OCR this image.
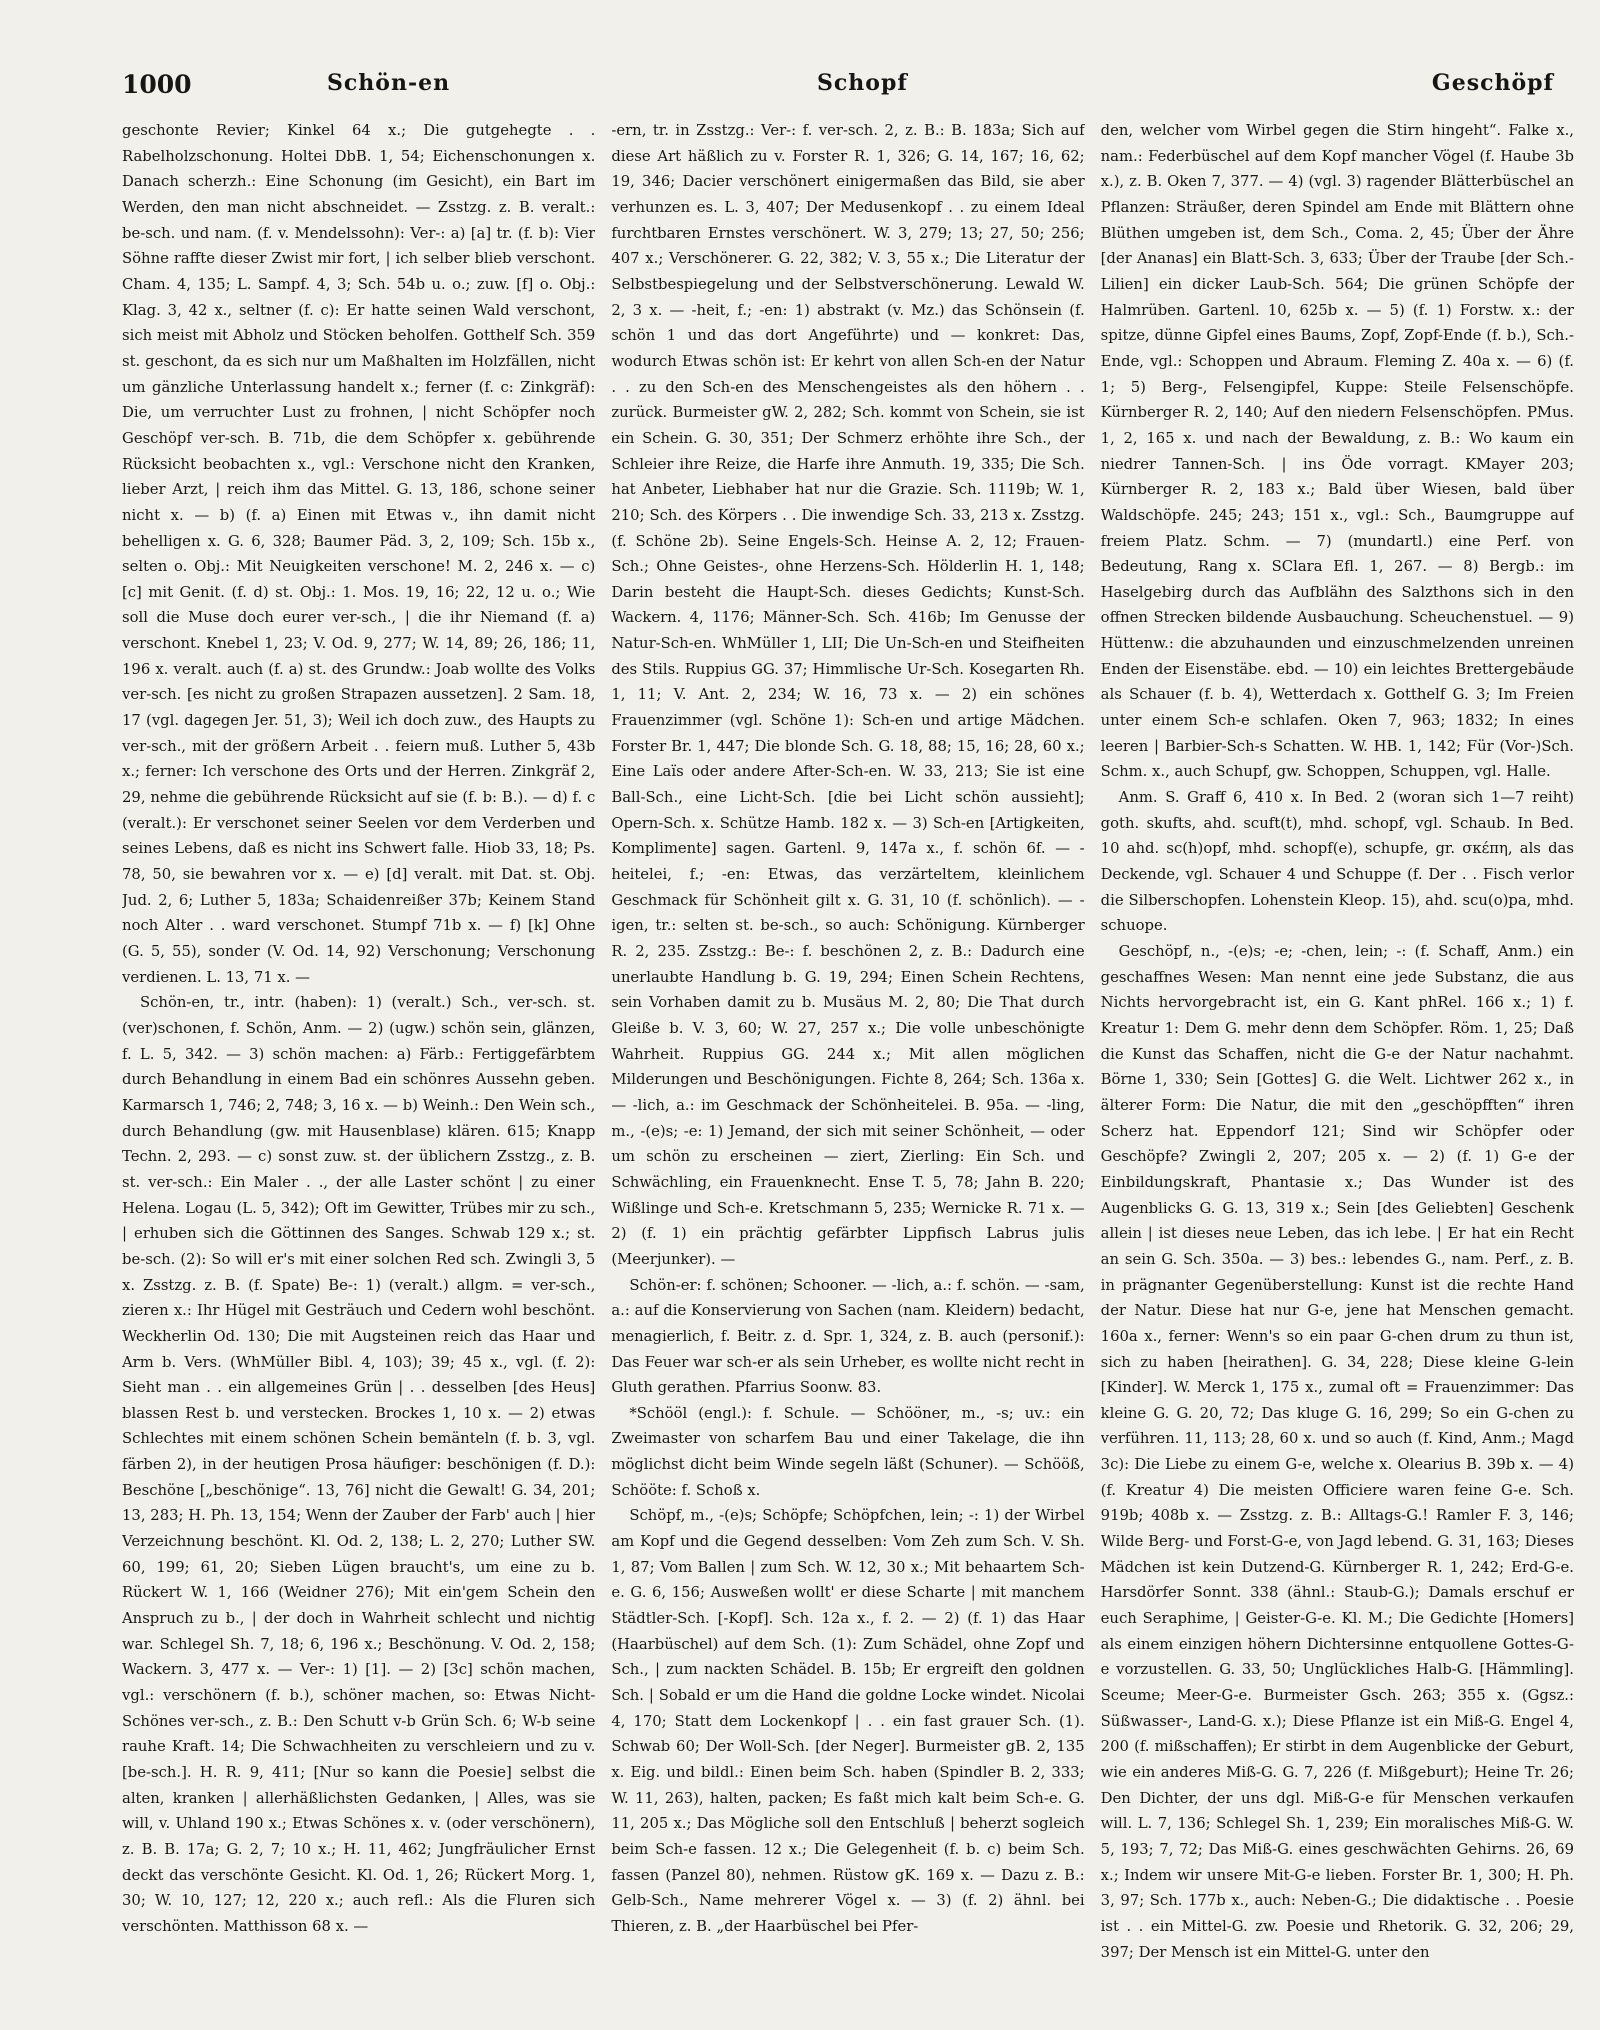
1000	Schön-en	Schopf	Geschöpf

geschonte Revier; Kinkel 64 x.; Die gutgehegte . . Rabelholzschonung. Holtei DbB. 1, 54; Eichenschonungen x. Danach scherzh.: Eine Schonung (im Gesicht), ein Bart im Werden, den man nicht abschneidet. — Zsstzg. z. B. veralt.: be-sch. und nam. (f. v. Mendelssohn): Ver-: a) [a] tr. (f. b): Vier Söhne raffte dieser Zwist mir fort, | ich selber blieb verschont. Cham. 4, 135; L. Sampf. 4, 3; Sch. 54b u. o.; zuw. [f] o. Obj.: Klag. 3, 42 x., seltner (f. c): Er hatte seinen Wald verschont, sich meist mit Abholz und Stöcken beholfen. Gotthelf Sch. 359 st. geschont, da es sich nur um Maßhalten im Holzfällen, nicht um gänzliche Unterlassung handelt x.; ferner (f. c: Zinkgräf): Die, um verruchter Lust zu frohnen, | nicht Schöpfer noch Geschöpf ver-sch. B. 71b, die dem Schöpfer x. gebührende Rücksicht beobachten x., vgl.: Verschone nicht den Kranken, lieber Arzt, | reich ihm das Mittel. G. 13, 186, schone seiner nicht x. — b) (f. a) Einen mit Etwas v., ihn damit nicht behelligen x. G. 6, 328; Baumer Päd. 3, 2, 109; Sch. 15b x., selten o. Obj.: Mit Neuigkeiten verschone! M. 2, 246 x. — c) [c] mit Genit. (f. d) st. Obj.: 1. Mos. 19, 16; 22, 12 u. o.; Wie soll die Muse doch eurer ver-sch., | die ihr Niemand (f. a) verschont. Knebel 1, 23; V. Od. 9, 277; W. 14, 89; 26, 186; 11, 196 x. veralt. auch (f. a) st. des Grundw.: Joab wollte des Volks ver-sch. [es nicht zu großen Strapazen aussetzen]. 2 Sam. 18, 17 (vgl. dagegen Jer. 51, 3); Weil ich doch zuw., des Haupts zu ver-sch., mit der größern Arbeit . . feiern muß. Luther 5, 43b x.; ferner: Ich verschone des Orts und der Herren. Zinkgräf 2, 29, nehme die gebührende Rücksicht auf sie (f. b: B.). — d) f. c (veralt.): Er verschonet seiner Seelen vor dem Verderben und seines Lebens, daß es nicht ins Schwert falle. Hiob 33, 18; Ps. 78, 50, sie bewahren vor x. — e) [d] veralt. mit Dat. st. Obj. Jud. 2, 6; Luther 5, 183a; Schaidenreißer 37b; Keinem Stand noch Alter . . ward verschonet. Stumpf 71b x. — f) [k] Ohne (G. 5, 55), sonder (V. Od. 14, 92) Verschonung; Verschonung verdienen. L. 13, 71 x. —

Schön-en, tr., intr. (haben): 1) (veralt.) Sch., ver-sch. st. (ver)schonen, f. Schön, Anm. — 2) (ugw.) schön sein, glänzen, f. L. 5, 342. — 3) schön machen: a) Färb.: Fertiggefärbtem durch Behandlung in einem Bad ein schönres Aussehn geben. Karmarsch 1, 746; 2, 748; 3, 16 x. — b) Weinh.: Den Wein sch., durch Behandlung (gw. mit Hausenblase) klären. 615; Knapp Techn. 2, 293. — c) sonst zuw. st. der üblichern Zsstzg., z. B. st. ver-sch.: Ein Maler . ., der alle Laster schönt | zu einer Helena. Logau (L. 5, 342); Oft im Gewitter, Trübes mir zu sch., | erhuben sich die Göttinnen des Sanges. Schwab 129 x.; st. be-sch. (2): So will er's mit einer solchen Red sch. Zwingli 3, 5 x. Zsstzg. z. B. (f. Spate) Be-: 1) (veralt.) allgm. = ver-sch., zieren x.: Ihr Hügel mit Gesträuch und Cedern wohl beschönt. Weckherlin Od. 130; Die mit Augsteinen reich das Haar und Arm b. Vers. (WhMüller Bibl. 4, 103); 39; 45 x., vgl. (f. 2): Sieht man . . ein allgemeines Grün | . . desselben [des Heus] blassen Rest b. und verstecken. Brockes 1, 10 x. — 2) etwas Schlechtes mit einem schönen Schein bemänteln (f. b. 3, vgl. färben 2), in der heutigen Prosa häufiger: beschönigen (f. D.): Beschöne [„beschönige“. 13, 76] nicht die Gewalt! G. 34, 201; 13, 283; H. Ph. 13, 154; Wenn der Zauber der Farb' auch | hier Verzeichnung beschönt. Kl. Od. 2, 138; L. 2, 270; Luther SW. 60, 199; 61, 20; Sieben Lügen braucht's, um eine zu b. Rückert W. 1, 166 (Weidner 276); Mit ein'gem Schein den Anspruch zu b., | der doch in Wahrheit schlecht und nichtig war. Schlegel Sh. 7, 18; 6, 196 x.; Beschönung. V. Od. 2, 158; Wackern. 3, 477 x. — Ver-: 1) [1]. — 2) [3c] schön machen, vgl.: verschönern (f. b.), schöner machen, so: Etwas Nicht-Schönes ver-sch., z. B.: Den Schutt v-b Grün Sch. 6; W-b seine rauhe Kraft. 14; Die Schwachheiten zu verschleiern und zu v. [be-sch.]. H. R. 9, 411; [Nur so kann die Poesie] selbst die alten, kranken | allerhäßlichsten Gedanken, | Alles, was sie will, v. Uhland 190 x.; Etwas Schönes x. v. (oder verschönern), z. B. B. 17a; G. 2, 7; 10 x.; H. 11, 462; Jungfräulicher Ernst deckt das verschönte Gesicht. Kl. Od. 1, 26; Rückert Morg. 1, 30; W. 10, 127; 12, 220 x.; auch refl.: Als die Fluren sich verschönten. Matthisson 68 x. —

-ern, tr. in Zsstzg.: Ver-: f. ver-sch. 2, z. B.: B. 183a; Sich auf diese Art häßlich zu v. Forster R. 1, 326; G. 14, 167; 16, 62; 19, 346; Dacier verschönert einigermaßen das Bild, sie aber verhunzen es. L. 3, 407; Der Medusenkopf . . zu einem Ideal furchtbaren Ernstes verschönert. W. 3, 279; 13; 27, 50; 256; 407 x.; Verschönerer. G. 22, 382; V. 3, 55 x.; Die Literatur der Selbstbespiegelung und der Selbstverschönerung. Lewald W. 2, 3 x. — -heit, f.; -en: 1) abstrakt (v. Mz.) das Schönsein (f. schön 1 und das dort Angeführte) und — konkret: Das, wodurch Etwas schön ist: Er kehrt von allen Sch-en der Natur . . zu den Sch-en des Menschengeistes als den höhern . . zurück. Burmeister gW. 2, 282; Sch. kommt von Schein, sie ist ein Schein. G. 30, 351; Der Schmerz erhöhte ihre Sch., der Schleier ihre Reize, die Harfe ihre Anmuth. 19, 335; Die Sch. hat Anbeter, Liebhaber hat nur die Grazie. Sch. 1119b; W. 1, 210; Sch. des Körpers . . Die inwendige Sch. 33, 213 x. Zsstzg. (f. Schöne 2b). Seine Engels-Sch. Heinse A. 2, 12; Frauen-Sch.; Ohne Geistes-, ohne Herzens-Sch. Hölderlin H. 1, 148; Darin besteht die Haupt-Sch. dieses Gedichts; Kunst-Sch. Wackern. 4, 1176; Männer-Sch. Sch. 416b; Im Genusse der Natur-Sch-en. WhMüller 1, LII; Die Un-Sch-en und Steifheiten des Stils. Ruppius GG. 37; Himmlische Ur-Sch. Kosegarten Rh. 1, 11; V. Ant. 2, 234; W. 16, 73 x. — 2) ein schönes Frauenzimmer (vgl. Schöne 1): Sch-en und artige Mädchen. Forster Br. 1, 447; Die blonde Sch. G. 18, 88; 15, 16; 28, 60 x.; Eine Laïs oder andere After-Sch-en. W. 33, 213; Sie ist eine Ball-Sch., eine Licht-Sch. [die bei Licht schön aussieht]; Opern-Sch. x. Schütze Hamb. 182 x. — 3) Sch-en [Artigkeiten, Komplimente] sagen. Gartenl. 9, 147a x., f. schön 6f. — -heitelei, f.; -en: Etwas, das verzärteltem, kleinlichem Geschmack für Schönheit gilt x. G. 31, 10 (f. schönlich). — -igen, tr.: selten st. be-sch., so auch: Schönigung. Kürnberger R. 2, 235. Zsstzg.: Be-: f. beschönen 2, z. B.: Dadurch eine unerlaubte Handlung b. G. 19, 294; Einen Schein Rechtens, sein Vorhaben damit zu b. Musäus M. 2, 80; Die That durch Gleiße b. V. 3, 60; W. 27, 257 x.; Die volle unbeschönigte Wahrheit. Ruppius GG. 244 x.; Mit allen möglichen Milderungen und Beschönigungen. Fichte 8, 264; Sch. 136a x. — -lich, a.: im Geschmack der Schönheitelei. B. 95a. — -ling, m., -(e)s; -e: 1) Jemand, der sich mit seiner Schönheit, — oder um schön zu erscheinen — ziert, Zierling: Ein Sch. und Schwächling, ein Frauenknecht. Ense T. 5, 78; Jahn B. 220; Wißlinge und Sch-e. Kretschmann 5, 235; Wernicke R. 71 x. — 2) (f. 1) ein prächtig gefärbter Lippfisch Labrus julis (Meerjunker). —

Schön-er: f. schönen; Schooner. — -lich, a.: f. schön. — -sam, a.: auf die Konservierung von Sachen (nam. Kleidern) bedacht, menagierlich, f. Beitr. z. d. Spr. 1, 324, z. B. auch (personif.): Das Feuer war sch-er als sein Urheber, es wollte nicht recht in Gluth gerathen. Pfarrius Soonw. 83.

*Schööl (engl.): f. Schule. — Schööner, m., -s; uv.: ein Zweimaster von scharfem Bau und einer Takelage, die ihn möglichst dicht beim Winde segeln läßt (Schuner). — Schööß, Schööte: f. Schoß x.

Schöpf, m., -(e)s; Schöpfe; Schöpfchen, lein; -: 1) der Wirbel am Kopf und die Gegend desselben: Vom Zeh zum Sch. V. Sh. 1, 87; Vom Ballen | zum Sch. W. 12, 30 x.; Mit behaartem Sch-e. G. 6, 156; Ausweßen wollt' er diese Scharte | mit manchem Städtler-Sch. [-Kopf]. Sch. 12a x., f. 2. — 2) (f. 1) das Haar (Haarbüschel) auf dem Sch. (1): Zum Schädel, ohne Zopf und Sch., | zum nackten Schädel. B. 15b; Er ergreift den goldnen Sch. | Sobald er um die Hand die goldne Locke windet. Nicolai 4, 170; Statt dem Lockenkopf | . . ein fast grauer Sch. (1). Schwab 60; Der Woll-Sch. [der Neger]. Burmeister gB. 2, 135 x. Eig. und bildl.: Einen beim Sch. haben (Spindler B. 2, 333; W. 11, 263), halten, packen; Es faßt mich kalt beim Sch-e. G. 11, 205 x.; Das Mögliche soll den Entschluß | beherzt sogleich beim Sch-e fassen. 12 x.; Die Gelegenheit (f. b. c) beim Sch. fassen (Panzel 80), nehmen. Rüstow gK. 169 x. — Dazu z. B.: Gelb-Sch., Name mehrerer Vögel x. — 3) (f. 2) ähnl. bei Thieren, z. B. „der Haarbüschel bei Pfer-

den, welcher vom Wirbel gegen die Stirn hingeht“. Falke x., nam.: Federbüschel auf dem Kopf mancher Vögel (f. Haube 3b x.), z. B. Oken 7, 377. — 4) (vgl. 3) ragender Blätterbüschel an Pflanzen: Sträußer, deren Spindel am Ende mit Blättern ohne Blüthen umgeben ist, dem Sch., Coma. 2, 45; Über der Ähre [der Ananas] ein Blatt-Sch. 3, 633; Über der Traube [der Sch.-Lilien] ein dicker Laub-Sch. 564; Die grünen Schöpfe der Halmrüben. Gartenl. 10, 625b x. — 5) (f. 1) Forstw. x.: der spitze, dünne Gipfel eines Baums, Zopf, Zopf-Ende (f. b.), Sch.-Ende, vgl.: Schoppen und Abraum. Fleming Z. 40a x. — 6) (f. 1; 5) Berg-, Felsengipfel, Kuppe: Steile Felsenschöpfe. Kürnberger R. 2, 140; Auf den niedern Felsenschöpfen. PMus. 1, 2, 165 x. und nach der Bewaldung, z. B.: Wo kaum ein niedrer Tannen-Sch. | ins Öde vorragt. KMayer 203; Kürnberger R. 2, 183 x.; Bald über Wiesen, bald über Waldschöpfe. 245; 243; 151 x., vgl.: Sch., Baumgruppe auf freiem Platz. Schm. — 7) (mundartl.) eine Perf. von Bedeutung, Rang x. SClara Efl. 1, 267. — 8) Bergb.: im Haselgebirg durch das Aufblähn des Salzthons sich in den offnen Strecken bildende Ausbauchung. Scheuchenstuel. — 9) Hüttenw.: die abzuhaunden und einzuschmelzenden unreinen Enden der Eisenstäbe. ebd. — 10) ein leichtes Brettergebäude als Schauer (f. b. 4), Wetterdach x. Gotthelf G. 3; Im Freien unter einem Sch-e schlafen. Oken 7, 963; 1832; In eines leeren | Barbier-Sch-s Schatten. W. HB. 1, 142; Für (Vor-)Sch. Schm. x., auch Schupf, gw. Schoppen, Schuppen, vgl. Halle.

Anm. S. Graff 6, 410 x. In Bed. 2 (woran sich 1—7 reiht) goth. skufts, ahd. scuft(t), mhd. schopf, vgl. Schaub. In Bed. 10 ahd. sc(h)opf, mhd. schopf(e), schupfe, gr. σκέπη, als das Deckende, vgl. Schauer 4 und Schuppe (f. Der . . Fisch verlor die Silberschopfen. Lohenstein Kleop. 15), ahd. scu(o)pa, mhd. schuope.

Geschöpf, n., -(e)s; -e; -chen, lein; -: (f. Schaff, Anm.) ein geschaffnes Wesen: Man nennt eine jede Substanz, die aus Nichts hervorgebracht ist, ein G. Kant phRel. 166 x.; 1) f. Kreatur 1: Dem G. mehr denn dem Schöpfer. Röm. 1, 25; Daß die Kunst das Schaffen, nicht die G-e der Natur nachahmt. Börne 1, 330; Sein [Gottes] G. die Welt. Lichtwer 262 x., in älterer Form: Die Natur, die mit den „geschöpfften“ ihren Scherz hat. Eppendorf 121; Sind wir Schöpfer oder Geschöpfe? Zwingli 2, 207; 205 x. — 2) (f. 1) G-e der Einbildungskraft, Phantasie x.; Das Wunder ist des Augenblicks G. G. 13, 319 x.; Sein [des Geliebten] Geschenk allein | ist dieses neue Leben, das ich lebe. | Er hat ein Recht an sein G. Sch. 350a. — 3) bes.: lebendes G., nam. Perf., z. B. in prägnanter Gegenüberstellung: Kunst ist die rechte Hand der Natur. Diese hat nur G-e, jene hat Menschen gemacht. 160a x., ferner: Wenn's so ein paar G-chen drum zu thun ist, sich zu haben [heirathen]. G. 34, 228; Diese kleine G-lein [Kinder]. W. Merck 1, 175 x., zumal oft = Frauenzimmer: Das kleine G. G. 20, 72; Das kluge G. 16, 299; So ein G-chen zu verführen. 11, 113; 28, 60 x. und so auch (f. Kind, Anm.; Magd 3c): Die Liebe zu einem G-e, welche x. Olearius B. 39b x. — 4) (f. Kreatur 4) Die meisten Officiere waren feine G-e. Sch. 919b; 408b x. — Zsstzg. z. B.: Alltags-G.! Ramler F. 3, 146; Wilde Berg- und Forst-G-e, von Jagd lebend. G. 31, 163; Dieses Mädchen ist kein Dutzend-G. Kürnberger R. 1, 242; Erd-G-e. Harsdörfer Sonnt. 338 (ähnl.: Staub-G.); Damals erschuf er euch Seraphime, | Geister-G-e. Kl. M.; Die Gedichte [Homers] als einem einzigen höhern Dichtersinne entquollene Gottes-G-e vorzustellen. G. 33, 50; Unglückliches Halb-G. [Hämmling]. Sceume; Meer-G-e. Burmeister Gsch. 263; 355 x. (Ggsz.: Süßwasser-, Land-G. x.); Diese Pflanze ist ein Miß-G. Engel 4, 200 (f. mißschaffen); Er stirbt in dem Augenblicke der Geburt, wie ein anderes Miß-G. G. 7, 226 (f. Mißgeburt); Heine Tr. 26; Den Dichter, der uns dgl. Miß-G-e für Menschen verkaufen will. L. 7, 136; Schlegel Sh. 1, 239; Ein moralisches Miß-G. W. 5, 193; 7, 72; Das Miß-G. eines geschwächten Gehirns. 26, 69 x.; Indem wir unsere Mit-G-e lieben. Forster Br. 1, 300; H. Ph. 3, 97; Sch. 177b x., auch: Neben-G.; Die didaktische . . Poesie ist . . ein Mittel-G. zw. Poesie und Rhetorik. G. 32, 206; 29, 397; Der Mensch ist ein Mittel-G. unter den
